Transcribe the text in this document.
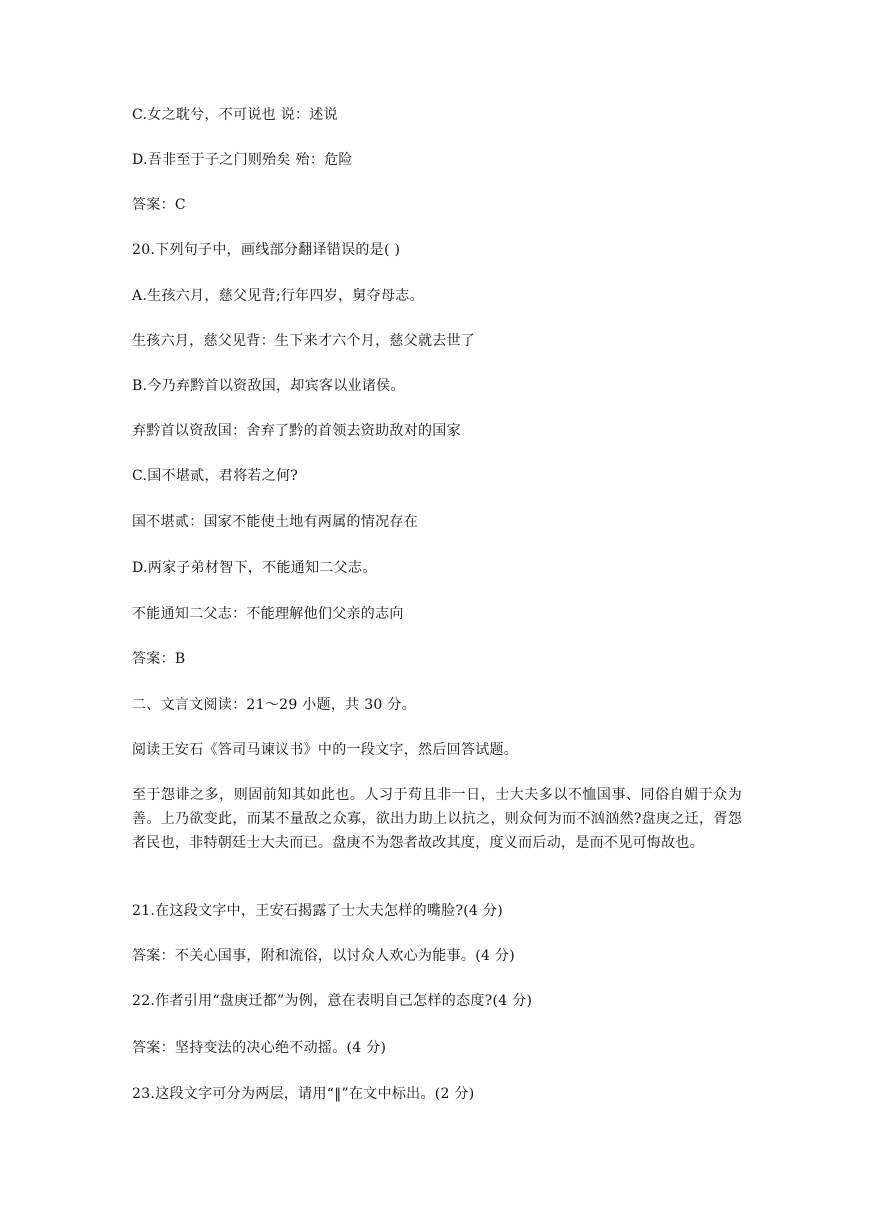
C.女之耽兮，不可说也 说：述说
D.吾非至于子之门则殆矣 殆：危险
答案：C
20.下列句子中，画线部分翻译错误的是( )
A.生孩六月，慈父见背;行年四岁，舅夺母志。
生孩六月，慈父见背：生下来才六个月，慈父就去世了
B.今乃弃黔首以资敌国，却宾客以业诸侯。
弃黔首以资敌国：舍弃了黔的首领去资助敌对的国家
C.国不堪贰，君将若之何?
国不堪贰：国家不能使土地有两属的情况存在
D.两家子弟材智下，不能通知二父志。
不能通知二父志：不能理解他们父亲的志向
答案：B
二、文言文阅读：21～29 小题，共 30 分。
阅读王安石《答司马谏议书》中的一段文字，然后回答试题。
至于怨诽之多，则固前知其如此也。人习于苟且非一日，士大夫多以不恤国事、同俗自媚于众为善。上乃欲变此，而某不量敌之众寡，欲出力助上以抗之，则众何为而不汹汹然?盘庚之迁，胥怨者民也，非特朝廷士大夫而已。盘庚不为怨者故改其度，度义而后动，是而不见可悔故也。
21.在这段文字中，王安石揭露了士大夫怎样的嘴脸?(4 分)
答案：不关心国事，附和流俗，以讨众人欢心为能事。(4 分)
22.作者引用“盘庚迁都”为例，意在表明自己怎样的态度?(4 分)
答案：坚持变法的决心绝不动摇。(4 分)
23.这段文字可分为两层，请用“‖”在文中标出。(2 分)
